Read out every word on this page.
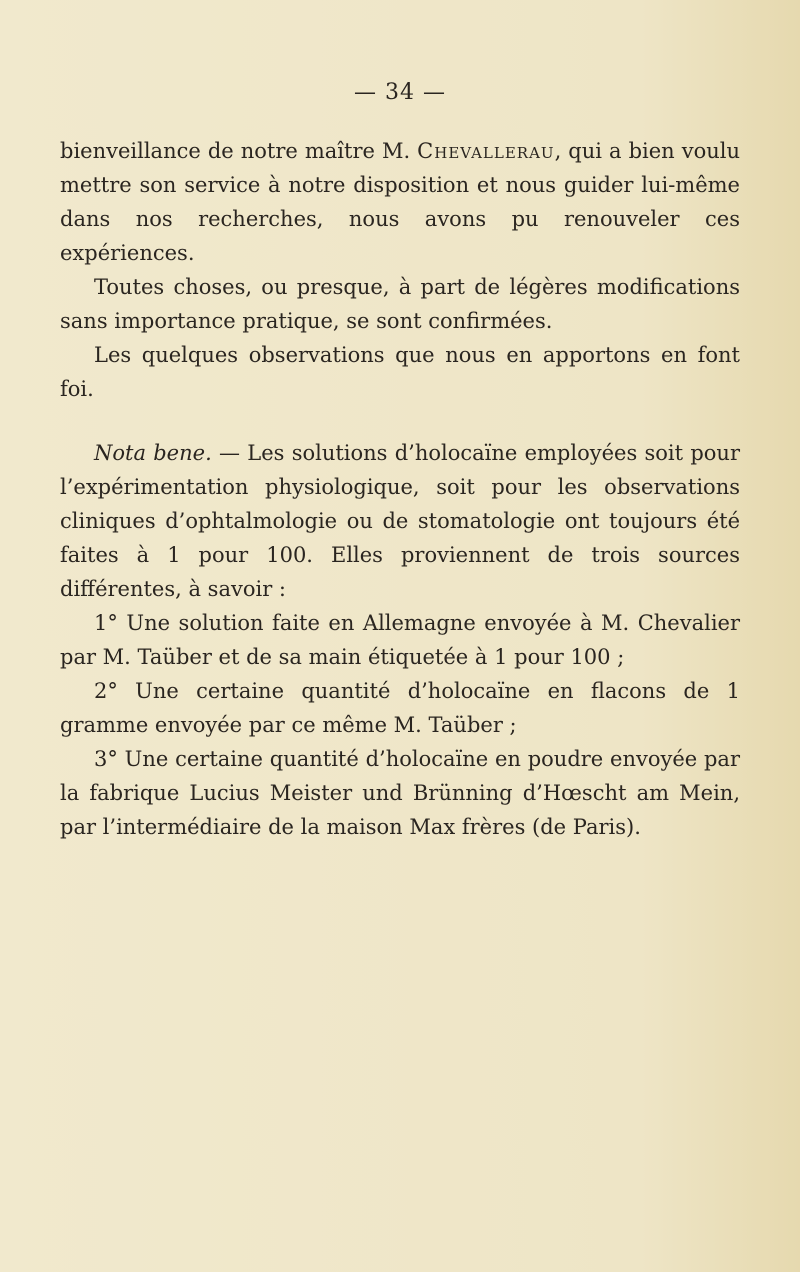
— 34 —

bienveillance de notre maître M. Chevallerau, qui a bien voulu mettre son service à notre disposition et nous guider lui-même dans nos recherches, nous avons pu renouveler ces expériences.

Toutes choses, ou presque, à part de légères modifications sans importance pratique, se sont confirmées.

Les quelques observations que nous en apportons en font foi.

Nota bene. — Les solutions d’holocaïne employées soit pour l’expérimentation physiologique, soit pour les observations cliniques d’ophtalmologie ou de stomatologie ont toujours été faites à 1 pour 100. Elles proviennent de trois sources différentes, à savoir :

1° Une solution faite en Allemagne envoyée à M. Chevalier par M. Taüber et de sa main étiquetée à 1 pour 100 ;

2° Une certaine quantité d’holocaïne en flacons de 1 gramme envoyée par ce même M. Taüber ;

3° Une certaine quantité d’holocaïne en poudre envoyée par la fabrique Lucius Meister und Brünning d’Hœscht am Mein, par l’intermédiaire de la maison Max frères (de Paris).
